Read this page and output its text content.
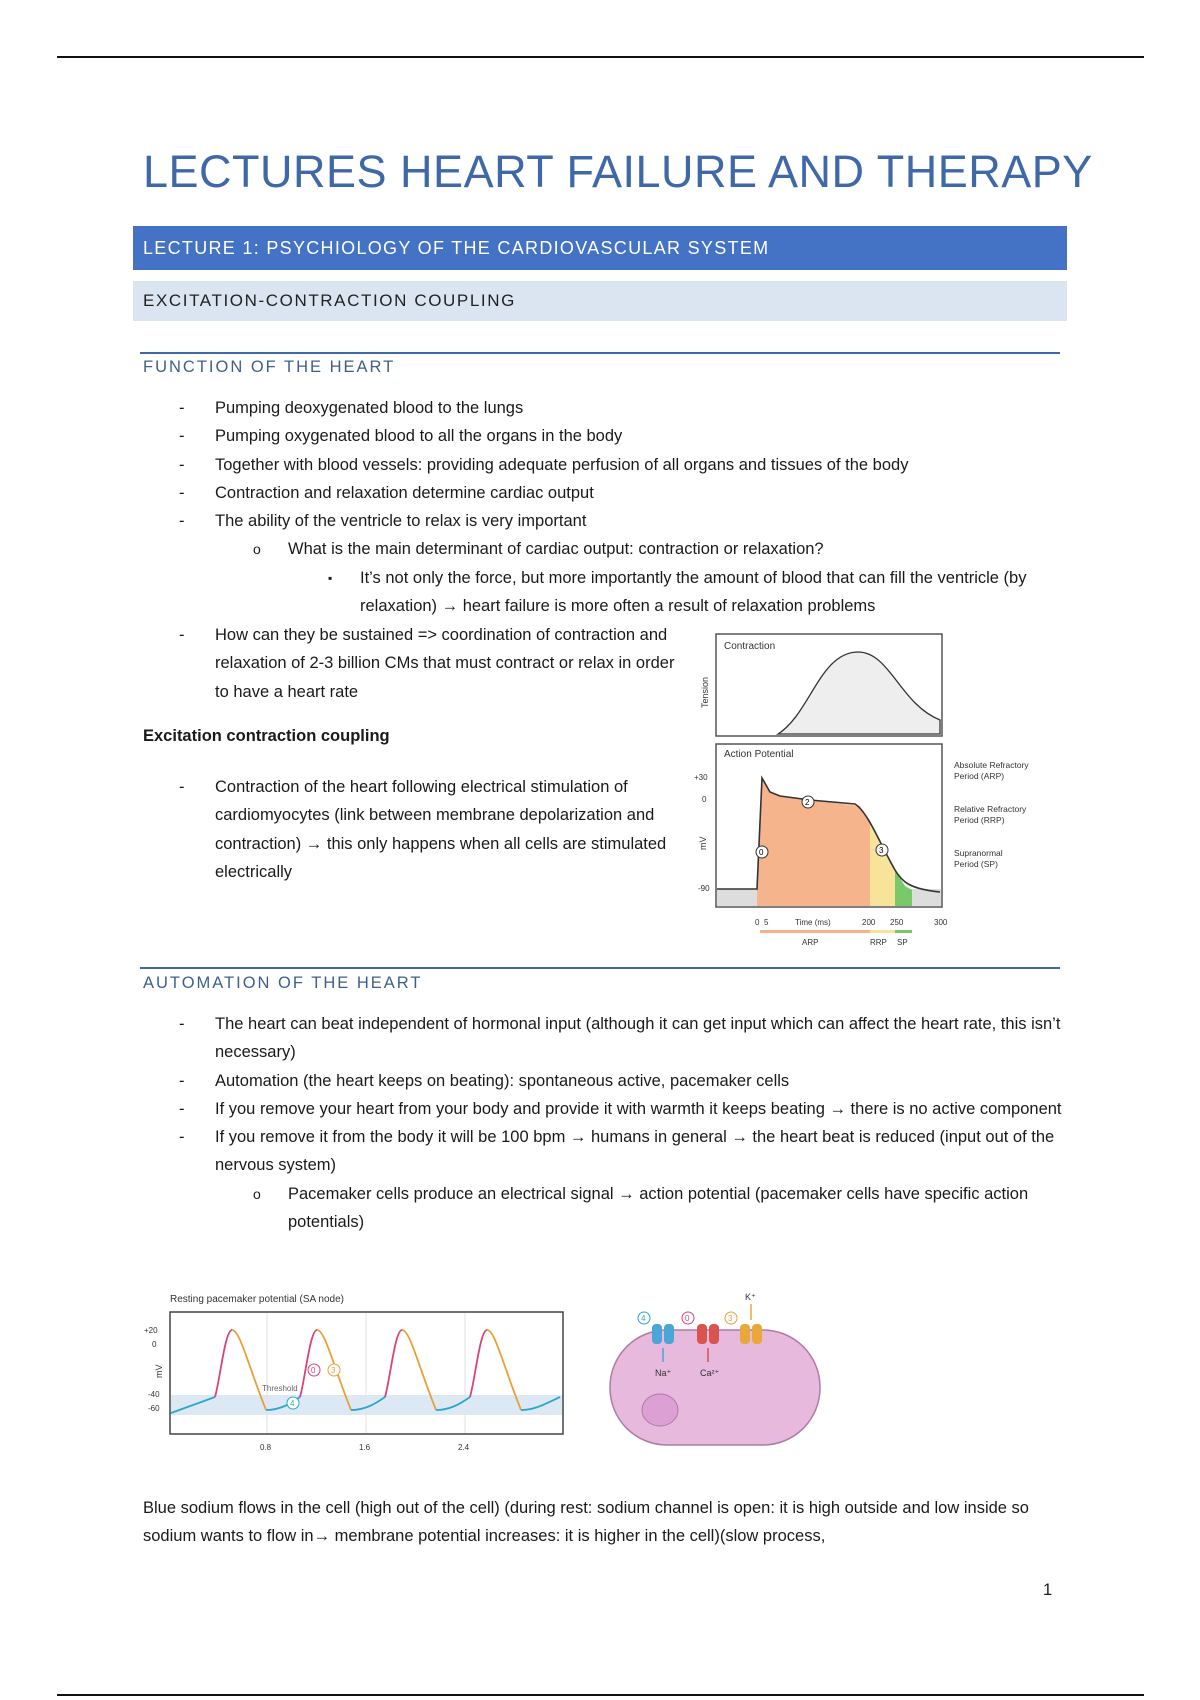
LECTURES HEART FAILURE AND THERAPY
LECTURE 1: PSYCHIOLOGY OF THE CARDIOVASCULAR SYSTEM
EXCITATION-CONTRACTION COUPLING
FUNCTION OF THE HEART
- Pumping deoxygenated blood to the lungs
- Pumping oxygenated blood to all the organs in the body
- Together with blood vessels: providing adequate perfusion of all organs and tissues of the body
- Contraction and relaxation determine cardiac output
- The ability of the ventricle to relax is very important
o What is the main determinant of cardiac output: contraction or relaxation?
▪ It’s not only the force, but more importantly the amount of blood that can fill the ventricle (by relaxation) → heart failure is more often a result of relaxation problems
- How can they be sustained => coordination of contraction and relaxation of 2-3 billion CMs that must contract or relax in order to have a heart rate
Excitation contraction coupling
- Contraction of the heart following electrical stimulation of cardiomyocytes (link between membrane depolarization and contraction) → this only happens when all cells are stimulated electrically
Contraction
Tension
Action Potential
+30
0
-90
mV
0
2
3
0 5	Time (ms)	200 250	300
ARP	RRP SP
Absolute Refractory
Period (ARP)
Relative Refractory
Period (RRP)
Supranormal
Period (SP)
AUTOMATION OF THE HEART
- The heart can beat independent of hormonal input (although it can get input which can affect the heart rate, this isn’t necessary)
- Automation (the heart keeps on beating): spontaneous active, pacemaker cells
- If you remove your heart from your body and provide it with warmth it keeps beating → there is no active component
- If you remove it from the body it will be 100 bpm → humans in general → the heart beat is reduced (input out of the nervous system)
o Pacemaker cells produce an electrical signal → action potential (pacemaker cells have specific action potentials)
Resting pacemaker potential (SA node)
+20
0
-40
-60
mV
Threshold
4
0 3
0.8	1.6	2.4
Na⁺	Ca²⁺
K⁺
4	0	3
Blue sodium flows in the cell (high out of the cell) (during rest: sodium channel is open: it is high outside and low inside so sodium wants to flow in→ membrane potential increases: it is higher in the cell)(slow process,
1
